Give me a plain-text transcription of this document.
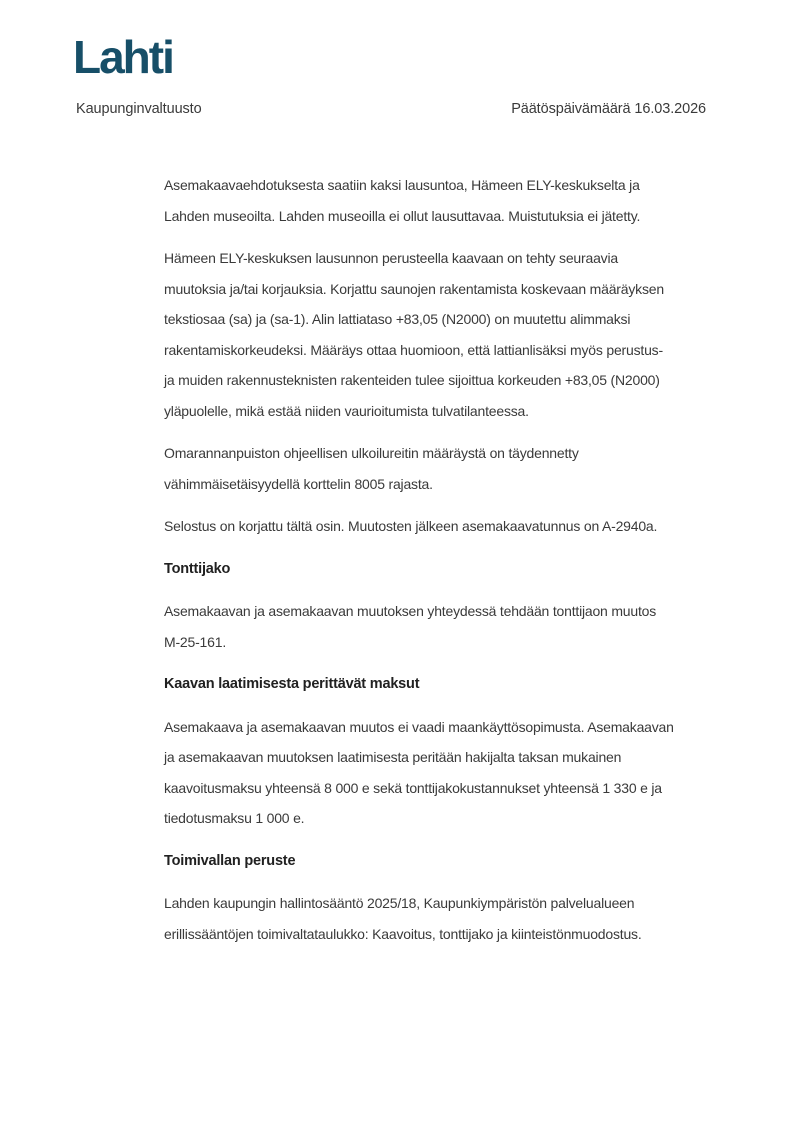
Lahti
Kaupunginvaltuusto	Päätöspäivämäärä 16.03.2026
Asemakaavaehdotuksesta saatiin kaksi lausuntoa, Hämeen ELY-keskukselta ja
Lahden museoilta. Lahden museoilla ei ollut lausuttavaa. Muistutuksia ei jätetty.
Hämeen ELY-keskuksen lausunnon perusteella kaavaan on tehty seuraavia
muutoksia ja/tai korjauksia. Korjattu saunojen rakentamista koskevaan määräyksen
tekstiosaa (sa) ja (sa-1). Alin lattiataso +83,05 (N2000) on muutettu alimmaksi
rakentamiskorkeudeksi. Määräys ottaa huomioon, että lattianlisäksi myös perustus-
ja muiden rakennusteknisten rakenteiden tulee sijoittua korkeuden +83,05 (N2000)
yläpuolelle, mikä estää niiden vaurioitumista tulvatilanteessa.
Omarannanpuiston ohjeellisen ulkoilureitin määräystä on täydennetty
vähimmäisetäisyydellä korttelin 8005 rajasta.
Selostus on korjattu tältä osin. Muutosten jälkeen asemakaavatunnus on A-2940a.
Tonttijako
Asemakaavan ja asemakaavan muutoksen yhteydessä tehdään tonttijaon muutos
M-25-161.
Kaavan laatimisesta perittävät maksut
Asemakaava ja asemakaavan muutos ei vaadi maankäyttösopimusta. Asemakaavan
ja asemakaavan muutoksen laatimisesta peritään hakijalta taksan mukainen
kaavoitusmaksu yhteensä 8 000 e sekä tonttijakokustannukset yhteensä 1 330 e ja
tiedotusmaksu 1 000 e.
Toimivallan peruste
Lahden kaupungin hallintosääntö 2025/18, Kaupunkiympäristön palvelualueen
erillissääntöjen toimivaltataulukko: Kaavoitus, tonttijako ja kiinteistönmuodostus.
